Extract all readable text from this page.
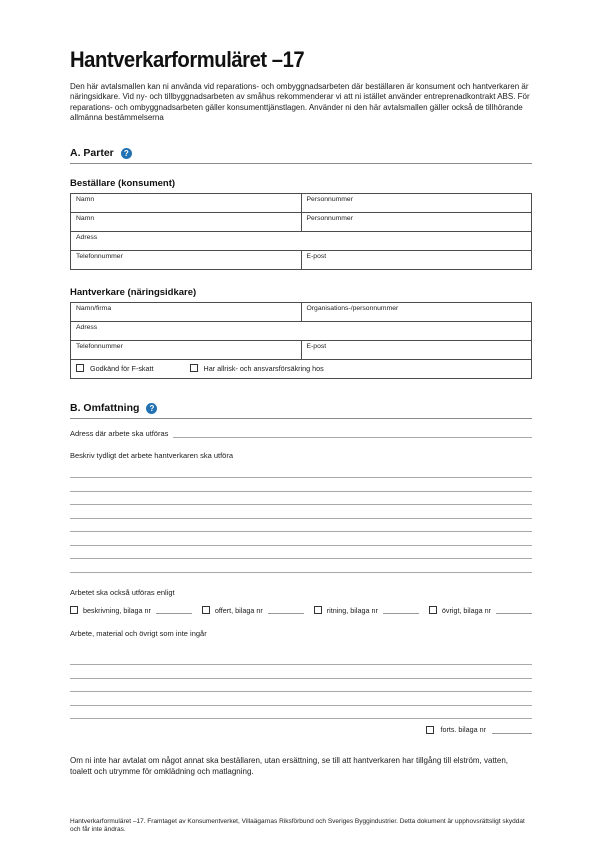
Hantverkarformuläret –17

Den här avtalsmallen kan ni använda vid reparations- och ombyggnadsarbeten där beställaren är konsument och hantverkaren är näringsidkare. Vid ny- och tillbyggnadsarbeten av småhus rekommenderar vi att ni istället använder entreprenadkontrakt ABS. För reparations- och ombyggnadsarbeten gäller konsumenttjänstlagen. Använder ni den här avtalsmallen gäller också de tillhörande allmänna bestämmelserna

A. Parter	?
Beställare (konsument)
Namn	Personnummer
Namn	Personnummer
Adress	
Telefonnummer	E-post
Hantverkare (näringsidkare)
Namn/firma	Organisations-/personnummer
Adress	
Telefonnummer	E-post

Godkänd för F-skatt Har allrisk- och ansvarsförsäkring hos	
B. Omfattning	?
Adress där arbete ska utföras
Beskriv tydligt det arbete hantverkaren ska utföra
Arbetet ska också utföras enligt
beskrivning, bilaga nr	offert, bilaga nr	ritning, bilaga nr	övrigt, bilaga nr
Arbete, material och övrigt som inte ingår
forts. bilaga nr

Om ni inte har avtalat om något annat ska beställaren, utan ersättning, se till att hantverkaren har tillgång till elström, vatten, toalett och utrymme för omklädning och matlagning.

Hantverkarformuläret –17. Framtaget av Konsumentverket, Villaägarnas Riksförbund och Sveriges Byggindustrier. Detta dokument är upphovsrättsligt skyddat och får inte ändras.
